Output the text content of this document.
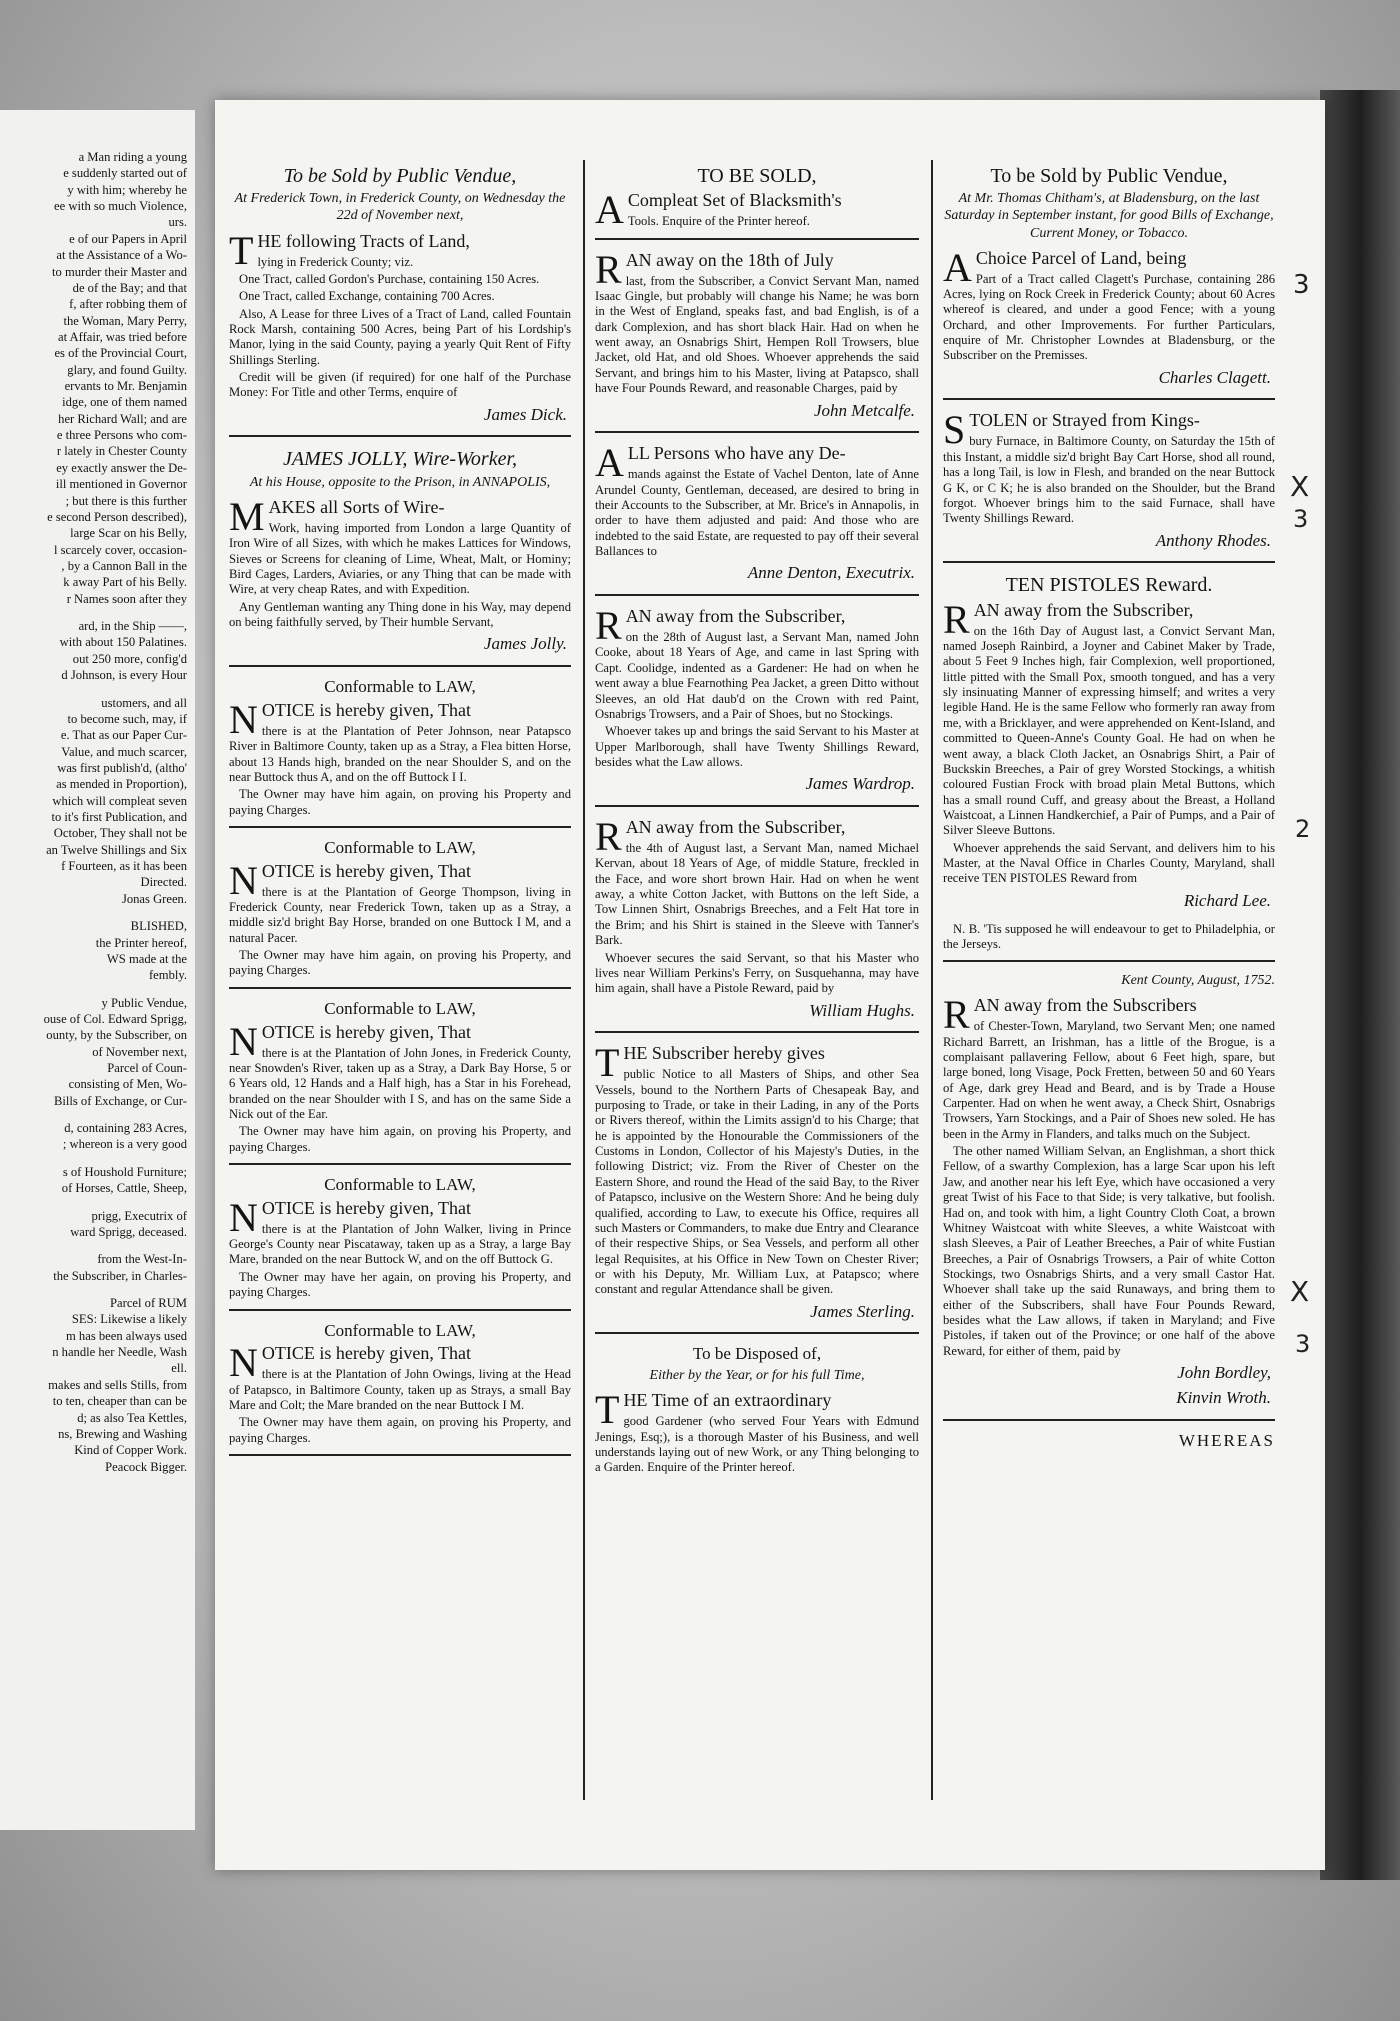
a Man riding a young

e suddenly started out of

y with him; whereby he

ee with so much Violence,

urs.

e of our Papers in April

at the Assistance of a Wo-

to murder their Master and

de of the Bay; and that

f, after robbing them of

the Woman, Mary Perry,

at Affair, was tried before

es of the Provincial Court,

glary, and found Guilty.

ervants to Mr. Benjamin

idge, one of them named

her Richard Wall; and are

e three Persons who com-

r lately in Chester County

ey exactly answer the De-

ill mentioned in Governor

; but there is this further

e second Person described),

large Scar on his Belly,

l scarcely cover, occasion-

, by a Cannon Ball in the

k away Part of his Belly.

r Names soon after they

ard, in the Ship ——,

with about 150 Palatines.

out 250 more, config'd

d Johnson, is every Hour

ustomers, and all

to become such, may, if

e. That as our Paper Cur-

Value, and much scarcer,

was first publish'd, (altho'

as mended in Proportion),

which will compleat seven

to it's first Publication, and

October, They shall not be

an Twelve Shillings and Six

f Fourteen, as it has been

Directed.

Jonas Green.

BLISHED,

the Printer hereof,

WS made at the

fembly.

y Public Vendue,

ouse of Col. Edward Sprigg,

ounty, by the Subscriber, on

of November next,

Parcel of Coun-

consisting of Men, Wo-

Bills of Exchange, or Cur-

d, containing 283 Acres,

; whereon is a very good

s of Houshold Furniture;

of Horses, Cattle, Sheep,

prigg, Executrix of

ward Sprigg, deceased.

from the West-In-

the Subscriber, in Charles-

Parcel of RUM

SES: Likewise a likely

m has been always used

n handle her Needle, Wash

ell.

makes and sells Stills, from

to ten, cheaper than can be

d; as also Tea Kettles,

ns, Brewing and Washing

Kind of Copper Work.

Peacock Bigger.

To be Sold by Public Vendue,
At Frederick Town, in Frederick County, on Wednesday the 22d of November next,

THE following Tracts of Land,

lying in Frederick County; viz.

One Tract, called Gordon's Purchase, containing 150 Acres.

One Tract, called Exchange, containing 700 Acres.

Also, A Lease for three Lives of a Tract of Land, called Fountain Rock Marsh, containing 500 Acres, being Part of his Lordship's Manor, lying in the said County, paying a yearly Quit Rent of Fifty Shillings Sterling.

Credit will be given (if required) for one half of the Purchase Money: For Title and other Terms, enquire of

James Dick.
JAMES JOLLY, Wire-Worker,
At his House, opposite to the Prison, in ANNAPOLIS,

MAKES all Sorts of Wire-

Work, having imported from London a large Quantity of Iron Wire of all Sizes, with which he makes Lattices for Windows, Sieves or Screens for cleaning of Lime, Wheat, Malt, or Hominy; Bird Cages, Larders, Aviaries, or any Thing that can be made with Wire, at very cheap Rates, and with Expedition.

Any Gentleman wanting any Thing done in his Way, may depend on being faithfully served, by Their humble Servant,

James Jolly.
Conformable to LAW,

NOTICE is hereby given, That

there is at the Plantation of Peter Johnson, near Patapsco River in Baltimore County, taken up as a Stray, a Flea bitten Horse, about 13 Hands high, branded on the near Shoulder S, and on the near Buttock thus A, and on the off Buttock I I.

The Owner may have him again, on proving his Property and paying Charges.

Conformable to LAW,

NOTICE is hereby given, That

there is at the Plantation of George Thompson, living in Frederick County, near Frederick Town, taken up as a Stray, a middle siz'd bright Bay Horse, branded on one Buttock I M, and a natural Pacer.

The Owner may have him again, on proving his Property, and paying Charges.

Conformable to LAW,

NOTICE is hereby given, That

there is at the Plantation of John Jones, in Frederick County, near Snowden's River, taken up as a Stray, a Dark Bay Horse, 5 or 6 Years old, 12 Hands and a Half high, has a Star in his Forehead, branded on the near Shoulder with I S, and has on the same Side a Nick out of the Ear.

The Owner may have him again, on proving his Property, and paying Charges.

Conformable to LAW,

NOTICE is hereby given, That

there is at the Plantation of John Walker, living in Prince George's County near Piscataway, taken up as a Stray, a large Bay Mare, branded on the near Buttock W, and on the off Buttock G.

The Owner may have her again, on proving his Property, and paying Charges.

Conformable to LAW,

NOTICE is hereby given, That

there is at the Plantation of John Owings, living at the Head of Patapsco, in Baltimore County, taken up as Strays, a small Bay Mare and Colt; the Mare branded on the near Buttock I M.

The Owner may have them again, on proving his Property, and paying Charges.

TO BE SOLD,

A Compleat Set of Blacksmith's

Tools. Enquire of the Printer hereof.

RAN away on the 18th of July

last, from the Subscriber, a Convict Servant Man, named Isaac Gingle, but probably will change his Name; he was born in the West of England, speaks fast, and bad English, is of a dark Complexion, and has short black Hair. Had on when he went away, an Osnabrigs Shirt, Hempen Roll Trowsers, blue Jacket, old Hat, and old Shoes. Whoever apprehends the said Servant, and brings him to his Master, living at Patapsco, shall have Four Pounds Reward, and reasonable Charges, paid by

John Metcalfe.

ALL Persons who have any De-

mands against the Estate of Vachel Denton, late of Anne Arundel County, Gentleman, deceased, are desired to bring in their Accounts to the Subscriber, at Mr. Brice's in Annapolis, in order to have them adjusted and paid: And those who are indebted to the said Estate, are requested to pay off their several Ballances to

Anne Denton, Executrix.

RAN away from the Subscriber,

on the 28th of August last, a Servant Man, named John Cooke, about 18 Years of Age, and came in last Spring with Capt. Coolidge, indented as a Gardener: He had on when he went away a blue Fearnothing Pea Jacket, a green Ditto without Sleeves, an old Hat daub'd on the Crown with red Paint, Osnabrigs Trowsers, and a Pair of Shoes, but no Stockings.

Whoever takes up and brings the said Servant to his Master at Upper Marlborough, shall have Twenty Shillings Reward, besides what the Law allows.

James Wardrop.

RAN away from the Subscriber,

the 4th of August last, a Servant Man, named Michael Kervan, about 18 Years of Age, of middle Stature, freckled in the Face, and wore short brown Hair. Had on when he went away, a white Cotton Jacket, with Buttons on the left Side, a Tow Linnen Shirt, Osnabrigs Breeches, and a Felt Hat tore in the Brim; and his Shirt is stained in the Sleeve with Tanner's Bark.

Whoever secures the said Servant, so that his Master who lives near William Perkins's Ferry, on Susquehanna, may have him again, shall have a Pistole Reward, paid by

William Hughs.

THE Subscriber hereby gives

public Notice to all Masters of Ships, and other Sea Vessels, bound to the Northern Parts of Chesapeak Bay, and purposing to Trade, or take in their Lading, in any of the Ports or Rivers thereof, within the Limits assign'd to his Charge; that he is appointed by the Honourable the Commissioners of the Customs in London, Collector of his Majesty's Duties, in the following District; viz. From the River of Chester on the Eastern Shore, and round the Head of the said Bay, to the River of Patapsco, inclusive on the Western Shore: And he being duly qualified, according to Law, to execute his Office, requires all such Masters or Commanders, to make due Entry and Clearance of their respective Ships, or Sea Vessels, and perform all other legal Requisites, at his Office in New Town on Chester River; or with his Deputy, Mr. William Lux, at Patapsco; where constant and regular Attendance shall be given.

James Sterling.
To be Disposed of,
Either by the Year, or for his full Time,

THE Time of an extraordinary

good Gardener (who served Four Years with Edmund Jenings, Esq;), is a thorough Master of his Business, and well understands laying out of new Work, or any Thing belonging to a Garden. Enquire of the Printer hereof.

To be Sold by Public Vendue,
At Mr. Thomas Chitham's, at Bladensburg, on the last Saturday in September instant, for good Bills of Exchange, Current Money, or Tobacco.

A Choice Parcel of Land, being

Part of a Tract called Clagett's Purchase, containing 286 Acres, lying on Rock Creek in Frederick County; about 60 Acres whereof is cleared, and under a good Fence; with a young Orchard, and other Improvements. For further Particulars, enquire of Mr. Christopher Lowndes at Bladensburg, or the Subscriber on the Premisses.

Charles Clagett.

STOLEN or Strayed from Kings-

bury Furnace, in Baltimore County, on Saturday the 15th of this Instant, a middle siz'd bright Bay Cart Horse, shod all round, has a long Tail, is low in Flesh, and branded on the near Buttock G K, or C K; he is also branded on the Shoulder, but the Brand forgot. Whoever brings him to the said Furnace, shall have Twenty Shillings Reward.

Anthony Rhodes.
TEN PISTOLES Reward.

RAN away from the Subscriber,

on the 16th Day of August last, a Convict Servant Man, named Joseph Rainbird, a Joyner and Cabinet Maker by Trade, about 5 Feet 9 Inches high, fair Complexion, well proportioned, little pitted with the Small Pox, smooth tongued, and has a very sly insinuating Manner of expressing himself; and writes a very legible Hand. He is the same Fellow who formerly ran away from me, with a Bricklayer, and were apprehended on Kent-Island, and committed to Queen-Anne's County Goal. He had on when he went away, a black Cloth Jacket, an Osnabrigs Shirt, a Pair of Buckskin Breeches, a Pair of grey Worsted Stockings, a whitish coloured Fustian Frock with broad plain Metal Buttons, which has a small round Cuff, and greasy about the Breast, a Holland Waistcoat, a Linnen Handkerchief, a Pair of Pumps, and a Pair of Silver Sleeve Buttons.

Whoever apprehends the said Servant, and delivers him to his Master, at the Naval Office in Charles County, Maryland, shall receive TEN PISTOLES Reward from

Richard Lee.

N. B. 'Tis supposed he will endeavour to get to Philadelphia, or the Jerseys.

Kent County, August, 1752.

RAN away from the Subscribers

of Chester-Town, Maryland, two Servant Men; one named Richard Barrett, an Irishman, has a little of the Brogue, is a complaisant pallavering Fellow, about 6 Feet high, spare, but large boned, long Visage, Pock Fretten, between 50 and 60 Years of Age, dark grey Head and Beard, and is by Trade a House Carpenter. Had on when he went away, a Check Shirt, Osnabrigs Trowsers, Yarn Stockings, and a Pair of Shoes new soled. He has been in the Army in Flanders, and talks much on the Subject.

The other named William Selvan, an Englishman, a short thick Fellow, of a swarthy Complexion, has a large Scar upon his left Jaw, and another near his left Eye, which have occasioned a very great Twist of his Face to that Side; is very talkative, but foolish. Had on, and took with him, a light Country Cloth Coat, a brown Whitney Waistcoat with white Sleeves, a white Waistcoat with slash Sleeves, a Pair of Leather Breeches, a Pair of white Fustian Breeches, a Pair of Osnabrigs Trowsers, a Pair of white Cotton Stockings, two Osnabrigs Shirts, and a very small Castor Hat. Whoever shall take up the said Runaways, and bring them to either of the Subscribers, shall have Four Pounds Reward, besides what the Law allows, if taken in Maryland; and Five Pistoles, if taken out of the Province; or one half of the above Reward, for either of them, paid by

John Bordley,
Kinvin Wroth.
WHEREAS
3
X
3
2
X
3
